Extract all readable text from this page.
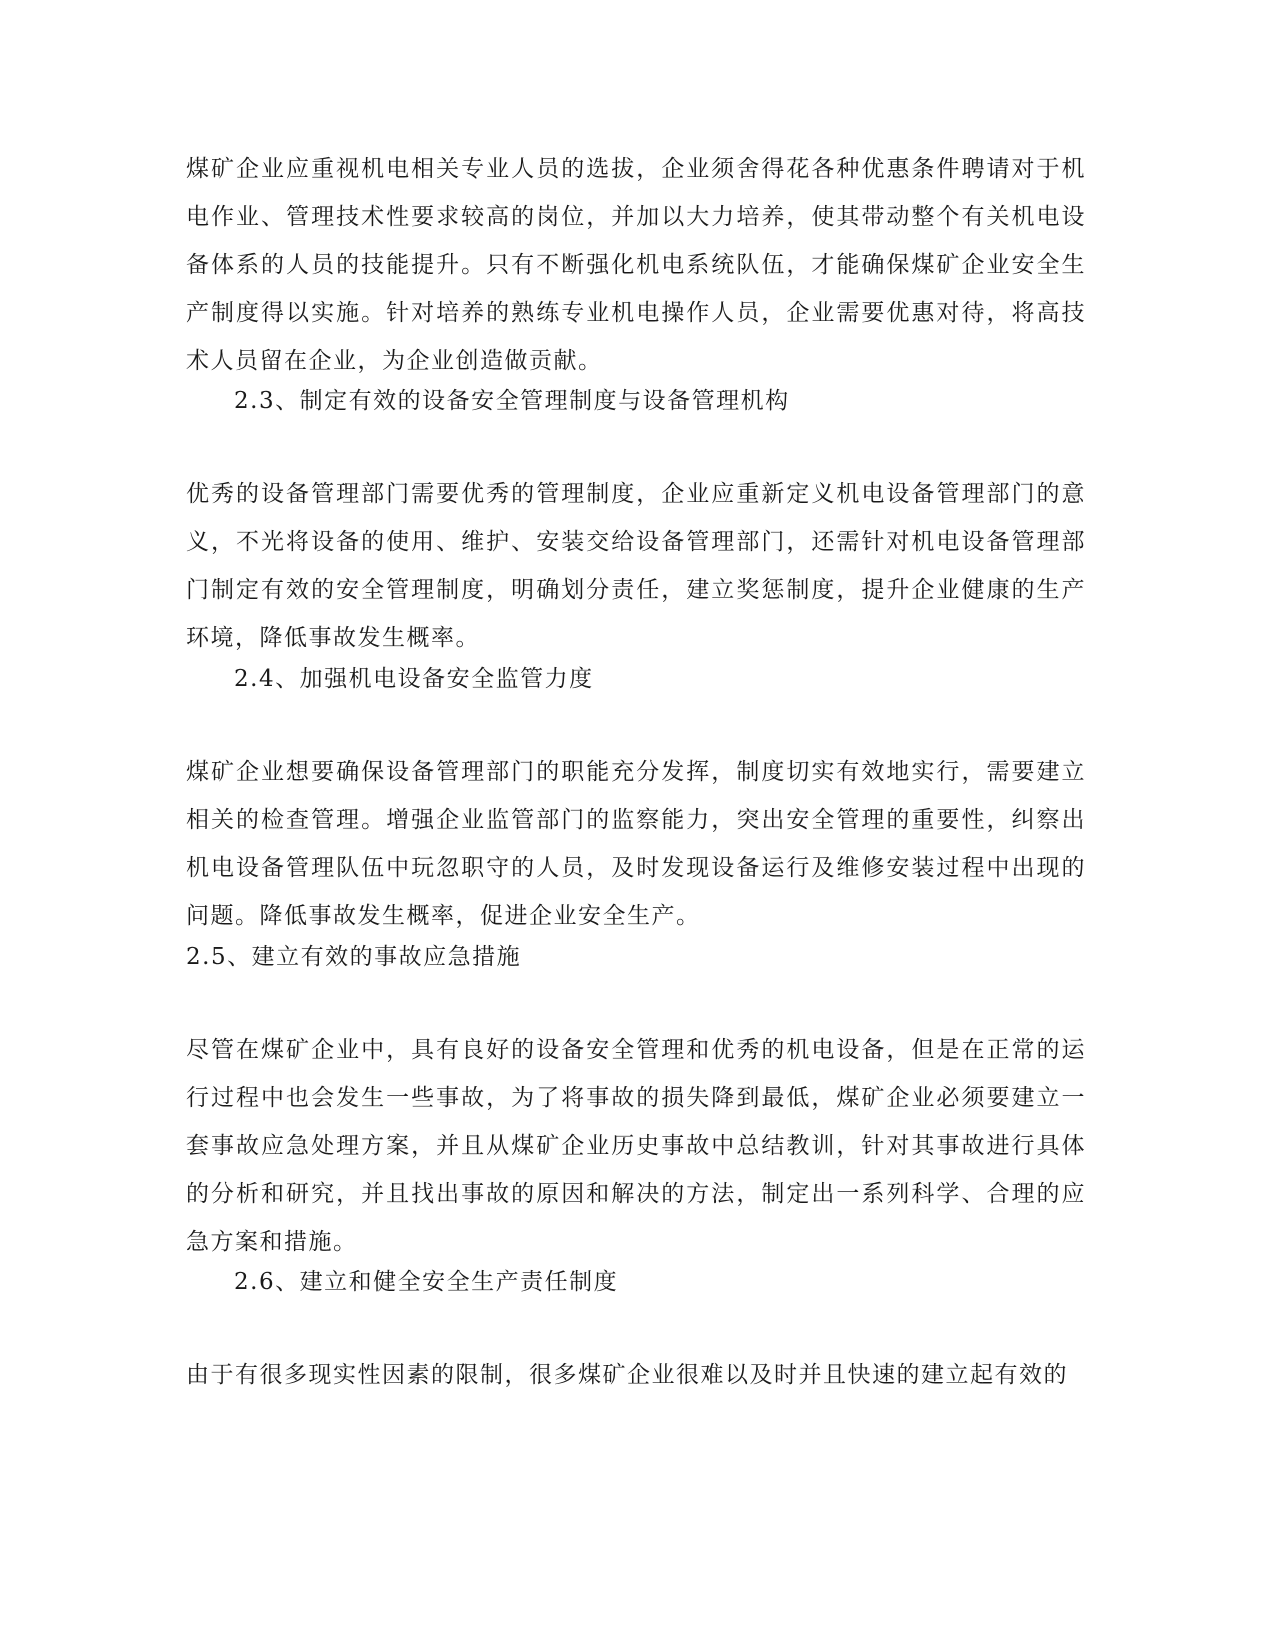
煤矿企业应重视机电相关专业人员的选拔，企业须舍得花各种优惠条件聘请对于机电作业、管理技术性要求较高的岗位，并加以大力培养，使其带动整个有关机电设备体系的人员的技能提升。只有不断强化机电系统队伍，才能确保煤矿企业安全生产制度得以实施。针对培养的熟练专业机电操作人员，企业需要优惠对待，将高技术人员留在企业，为企业创造做贡献。

2.3、制定有效的设备安全管理制度与设备管理机构

优秀的设备管理部门需要优秀的管理制度，企业应重新定义机电设备管理部门的意义，不光将设备的使用、维护、安装交给设备管理部门，还需针对机电设备管理部门制定有效的安全管理制度，明确划分责任，建立奖惩制度，提升企业健康的生产环境，降低事故发生概率。

2.4、加强机电设备安全监管力度

煤矿企业想要确保设备管理部门的职能充分发挥，制度切实有效地实行，需要建立相关的检查管理。增强企业监管部门的监察能力，突出安全管理的重要性，纠察出机电设备管理队伍中玩忽职守的人员，及时发现设备运行及维修安装过程中出现的问题。降低事故发生概率，促进企业安全生产。

2.5、建立有效的事故应急措施

尽管在煤矿企业中，具有良好的设备安全管理和优秀的机电设备，但是在正常的运行过程中也会发生一些事故，为了将事故的损失降到最低，煤矿企业必须要建立一套事故应急处理方案，并且从煤矿企业历史事故中总结教训，针对其事故进行具体的分析和研究，并且找出事故的原因和解决的方法，制定出一系列科学、合理的应急方案和措施。

2.6、建立和健全安全生产责任制度

由于有很多现实性因素的限制，很多煤矿企业很难以及时并且快速的建立起有效的
